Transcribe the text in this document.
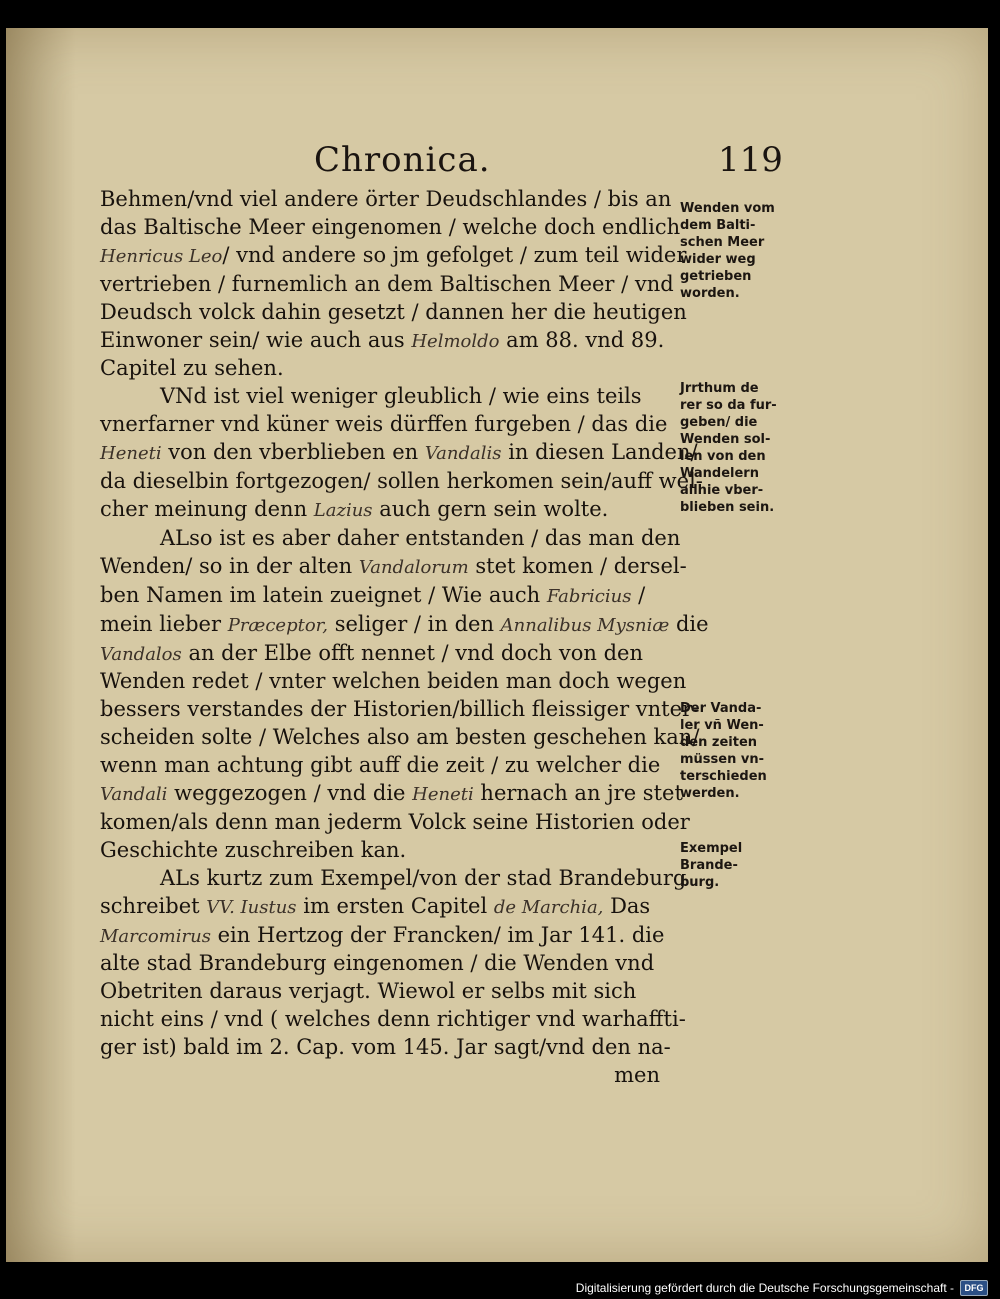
Chronica.	119
Behmen/vnd viel andere örter Deudschlandes / bis an
das Baltische Meer eingenomen / welche doch endlich
Henricus Leo/ vnd andere so jm gefolget / zum teil wider
vertrieben / furnemlich an dem Baltischen Meer / vnd
Deudsch volck dahin gesetzt / dannen her die heutigen
Einwoner sein/ wie auch aus Helmoldo am 88. vnd 89.
Capitel zu sehen.
VNd ist viel weniger gleublich / wie eins teils
vnerfarner vnd küner weis dürffen furgeben / das die
Heneti von den vberblieben en Vandalis in diesen Landen/
da dieselbin fortgezogen/ sollen herkomen sein/auff wel-
cher meinung denn Lazius auch gern sein wolte.
ALso ist es aber daher entstanden / das man den
Wenden/ so in der alten Vandalorum stet komen / dersel-
ben Namen im latein zueignet / Wie auch Fabricius /
mein lieber Præceptor, seliger / in den Annalibus Mysniæ die
Vandalos an der Elbe offt nennet / vnd doch von den
Wenden redet / vnter welchen beiden man doch wegen
bessers verstandes der Historien/billich fleissiger vnter-
scheiden solte / Welches also am besten geschehen kan/
wenn man achtung gibt auff die zeit / zu welcher die
Vandali weggezogen / vnd die Heneti hernach an jre stet
komen/als denn man jederm Volck seine Historien oder
Geschichte zuschreiben kan.
ALs kurtz zum Exempel/von der stad Brandeburg
schreibet VV. Iustus im ersten Capitel de Marchia, Das
Marcomirus ein Hertzog der Francken/ im Jar 141. die
alte stad Brandeburg eingenomen / die Wenden vnd
Obetriten daraus verjagt. Wiewol er selbs mit sich
nicht eins / vnd ( welches denn richtiger vnd warhaffti-
ger ist) bald im 2. Cap. vom 145. Jar sagt/vnd den na-
men
Wenden vom
dem Balti-
schen Meer
wider weg
getrieben
worden.
Jrrthum de
rer so da fur-
geben/ die
Wenden sol-
len von den
Wandelern
allhie vber-
blieben sein.
Der Vanda-
ler vñ Wen-
den zeiten
müssen vn-
terschieden
werden.
Exempel
Brande-
burg.
Digitalisierung gefördert durch die Deutsche Forschungsgemeinschaft -	DFG
